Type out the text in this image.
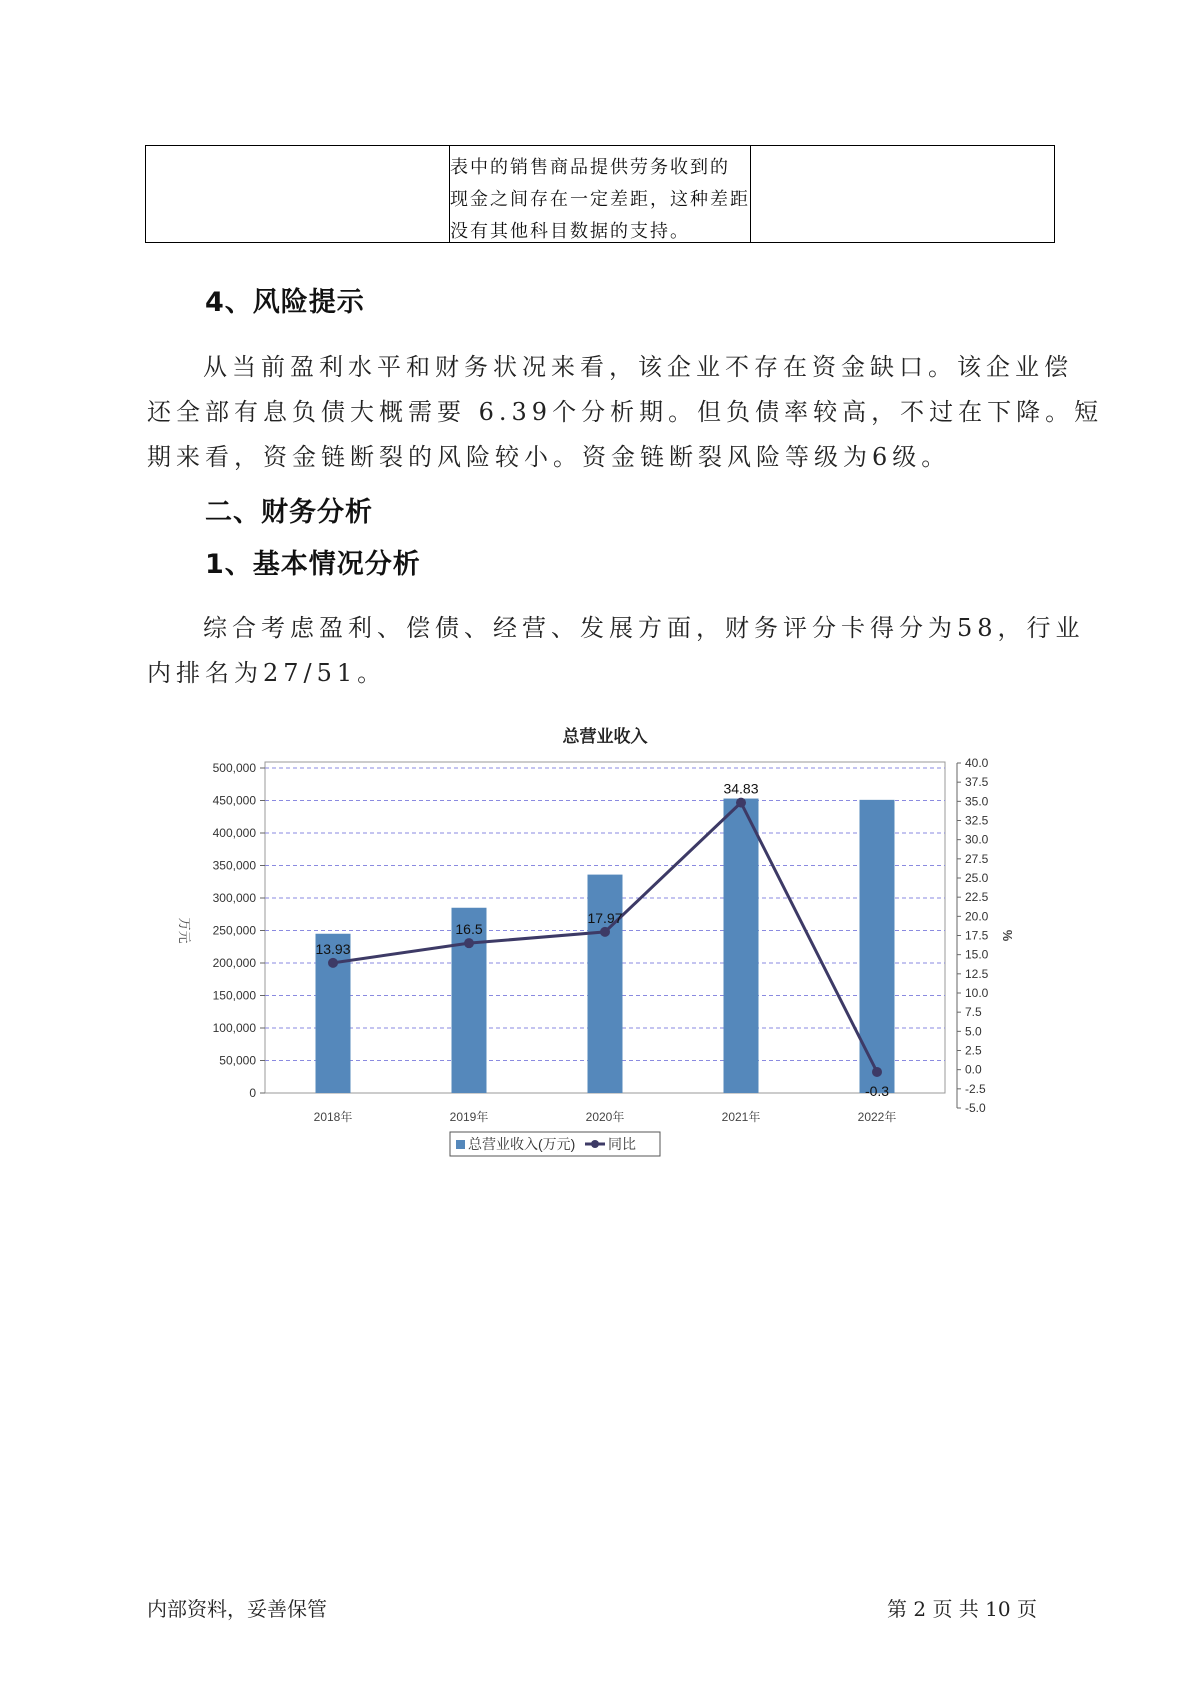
表中的销售商品提供劳务收到的
现金之间存在一定差距，这种差距
没有其他科目数据的支持。
4、风险提示
从当前盈利水平和财务状况来看，该企业不存在资金缺口。该企业偿
还全部有息负债大概需要 6.39个分析期。但负债率较高，不过在下降。短
期来看，资金链断裂的风险较小。资金链断裂风险等级为6级。
二、财务分析
1、基本情况分析
综合考虑盈利、偿债、经营、发展方面，财务评分卡得分为58，行业
内排名为27/51。
总营业收入
0
50,000
100,000
150,000
200,000
250,000
300,000
350,000
400,000
450,000
500,000
-5.0
-2.5
0.0
2.5
5.0
7.5
10.0
12.5
15.0
17.5
20.0
22.5
25.0
27.5
30.0
32.5
35.0
37.5
40.0
万元	%
2018年	2019年	2020年	2021年	2022年
13.93
16.5
17.97
34.83
-0.3
总营业收入(万元) 同比
内部资料，妥善保管	第 2 页 共 10 页
